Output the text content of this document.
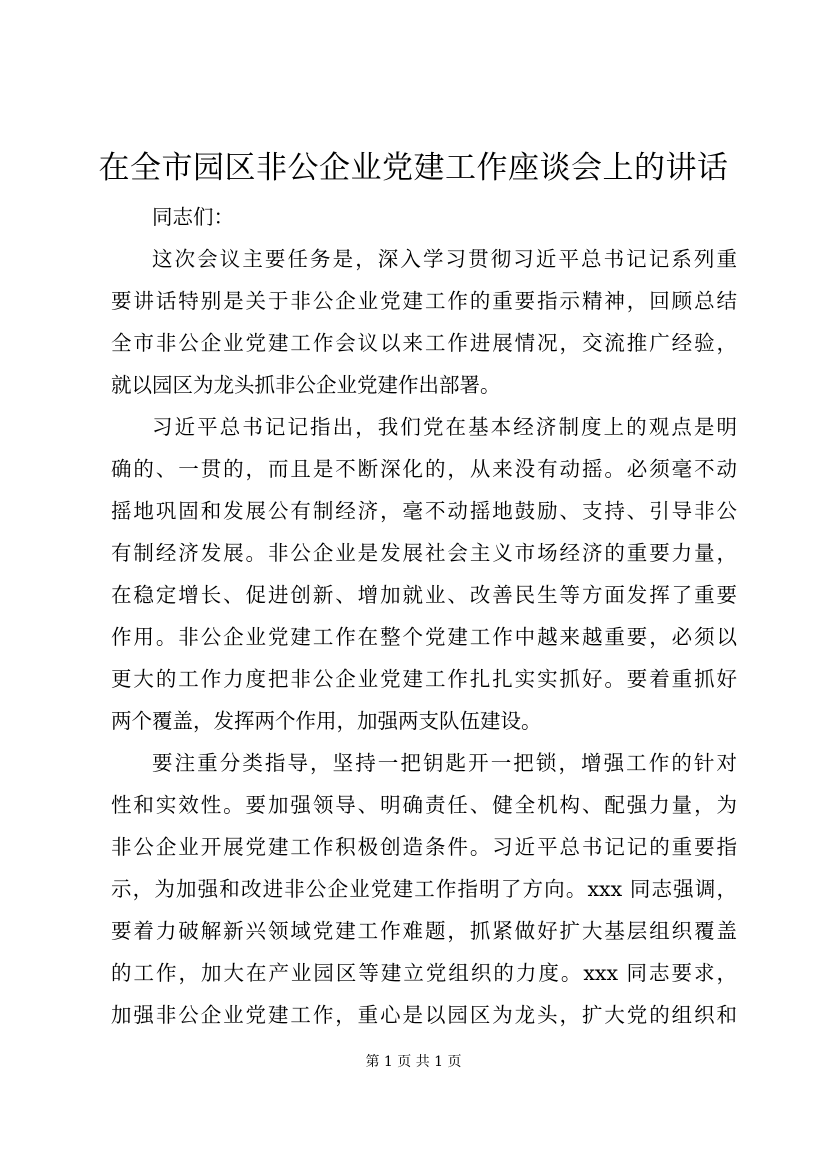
在全市园区非公企业党建工作座谈会上的讲话
同志们：
这次会议主要任务是，深入学习贯彻习近平总书记记系列重
要讲话特别是关于非公企业党建工作的重要指示精神，回顾总结
全市非公企业党建工作会议以来工作进展情况，交流推广经验，
就以园区为龙头抓非公企业党建作出部署。
习近平总书记记指出，我们党在基本经济制度上的观点是明
确的、一贯的，而且是不断深化的，从来没有动摇。必须毫不动
摇地巩固和发展公有制经济，毫不动摇地鼓励、支持、引导非公
有制经济发展。非公企业是发展社会主义市场经济的重要力量，
在稳定增长、促进创新、增加就业、改善民生等方面发挥了重要
作用。非公企业党建工作在整个党建工作中越来越重要，必须以
更大的工作力度把非公企业党建工作扎扎实实抓好。要着重抓好
两个覆盖，发挥两个作用，加强两支队伍建设。
要注重分类指导，坚持一把钥匙开一把锁，增强工作的针对
性和实效性。要加强领导、明确责任、健全机构、配强力量，为
非公企业开展党建工作积极创造条件。习近平总书记记的重要指
示，为加强和改进非公企业党建工作指明了方向。xxx 同志强调，
要着力破解新兴领域党建工作难题，抓紧做好扩大基层组织覆盖
的工作，加大在产业园区等建立党组织的力度。xxx 同志要求，
加强非公企业党建工作，重心是以园区为龙头，扩大党的组织和
第 1 页 共 1 页
